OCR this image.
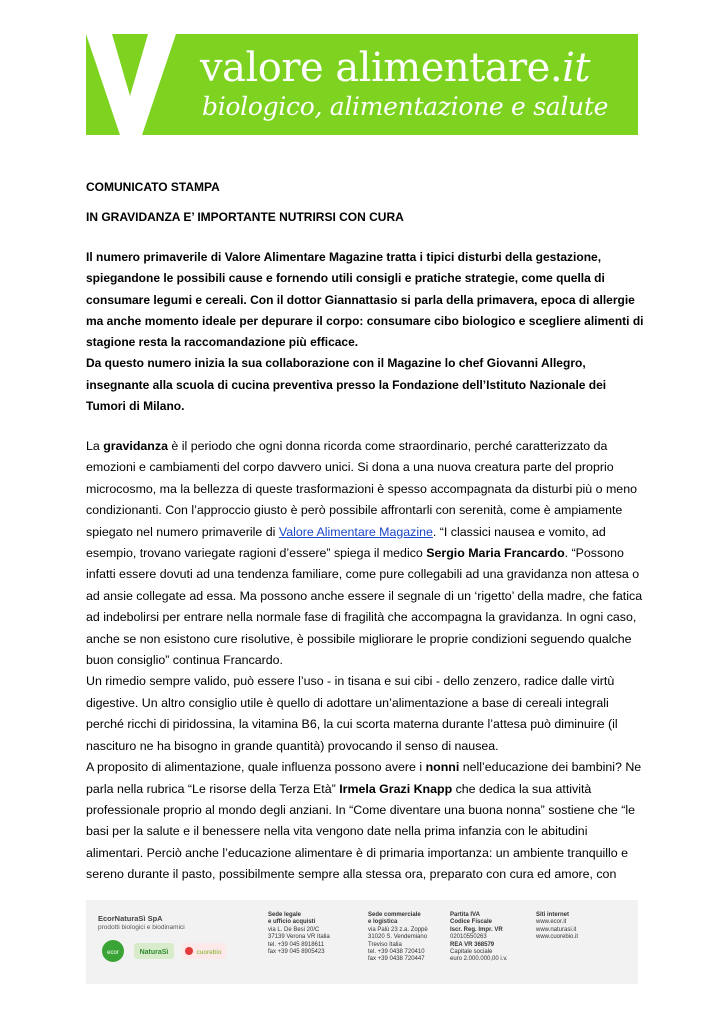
valore alimentare.it
biologico, alimentazione e salute
COMUNICATO STAMPA
IN GRAVIDANZA E’ IMPORTANTE NUTRIRSI CON CURA

Il numero primaverile di Valore Alimentare Magazine tratta i tipici disturbi della gestazione, spiegandone le possibili cause e fornendo utili consigli e pratiche strategie, come quella di consumare legumi e cereali. Con il dottor Giannattasio si parla della primavera, epoca di allergie ma anche momento ideale per depurare il corpo: consumare cibo biologico e scegliere alimenti di stagione resta la raccomandazione più efficace.

Da questo numero inizia la sua collaborazione con il Magazine lo chef Giovanni Allegro, insegnante alla scuola di cucina preventiva presso la Fondazione dell’Istituto Nazionale dei Tumori di Milano.

La gravidanza è il periodo che ogni donna ricorda come straordinario, perché caratterizzato da emozioni e cambiamenti del corpo davvero unici. Si dona a una nuova creatura parte del proprio microcosmo, ma la bellezza di queste trasformazioni è spesso accompagnata da disturbi più o meno condizionanti. Con l’approccio giusto è però possibile affrontarli con serenità, come è ampiamente spiegato nel numero primaverile di Valore Alimentare Magazine. “I classici nausea e vomito, ad esempio, trovano variegate ragioni d’essere” spiega il medico Sergio Maria Francardo. “Possono infatti essere dovuti ad una tendenza familiare, come pure collegabili ad una gravidanza non attesa o ad ansie collegate ad essa. Ma possono anche essere il segnale di un ‘rigetto’ della madre, che fatica ad indebolirsi per entrare nella normale fase di fragilità che accompagna la gravidanza. In ogni caso, anche se non esistono cure risolutive, è possibile migliorare le proprie condizioni seguendo qualche buon consiglio” continua Francardo.

Un rimedio sempre valido, può essere l’uso - in tisana e sui cibi - dello zenzero, radice dalle virtù digestive. Un altro consiglio utile è quello di adottare un’alimentazione a base di cereali integrali perché ricchi di piridossina, la vitamina B6, la cui scorta materna durante l’attesa può diminuire (il nascituro ne ha bisogno in grande quantità) provocando il senso di nausea.

A proposito di alimentazione, quale influenza possono avere i nonni nell’educazione dei bambini? Ne parla nella rubrica “Le risorse della Terza Età” Irmela Grazi Knapp che dedica la sua attività professionale proprio al mondo degli anziani. In “Come diventare una buona nonna” sostiene che “le basi per la salute e il benessere nella vita vengono date nella prima infanzia con le abitudini alimentari. Perciò anche l’educazione alimentare è di primaria importanza: un ambiente tranquillo e sereno durante il pasto, possibilmente sempre alla stessa ora, preparato con cura ed amore, con

EcorNaturaSì SpA
prodotti biologici e biodinamici
ecor	NaturaSì	cuorebio
Sede legale
e ufficio acquisti
via L. De Besi 20/C
37139 Verona VR Italia
tel. +39 045 8918611
fax +39 045 8905423
Sede commerciale
e logistica
via Palù 23 z.a. Zoppè
31020 S. Vendemiano
Treviso Italia
tel. +39 0438 720410
fax +39 0438 720447
Partita IVA
Codice Fiscale
Iscr. Reg. Impr. VR
02010550263
REA VR 368579
Capitale sociale
euro 2.000.000,00 i.v.
Siti internet
www.ecor.it
www.naturasi.it
www.cuorebio.it
